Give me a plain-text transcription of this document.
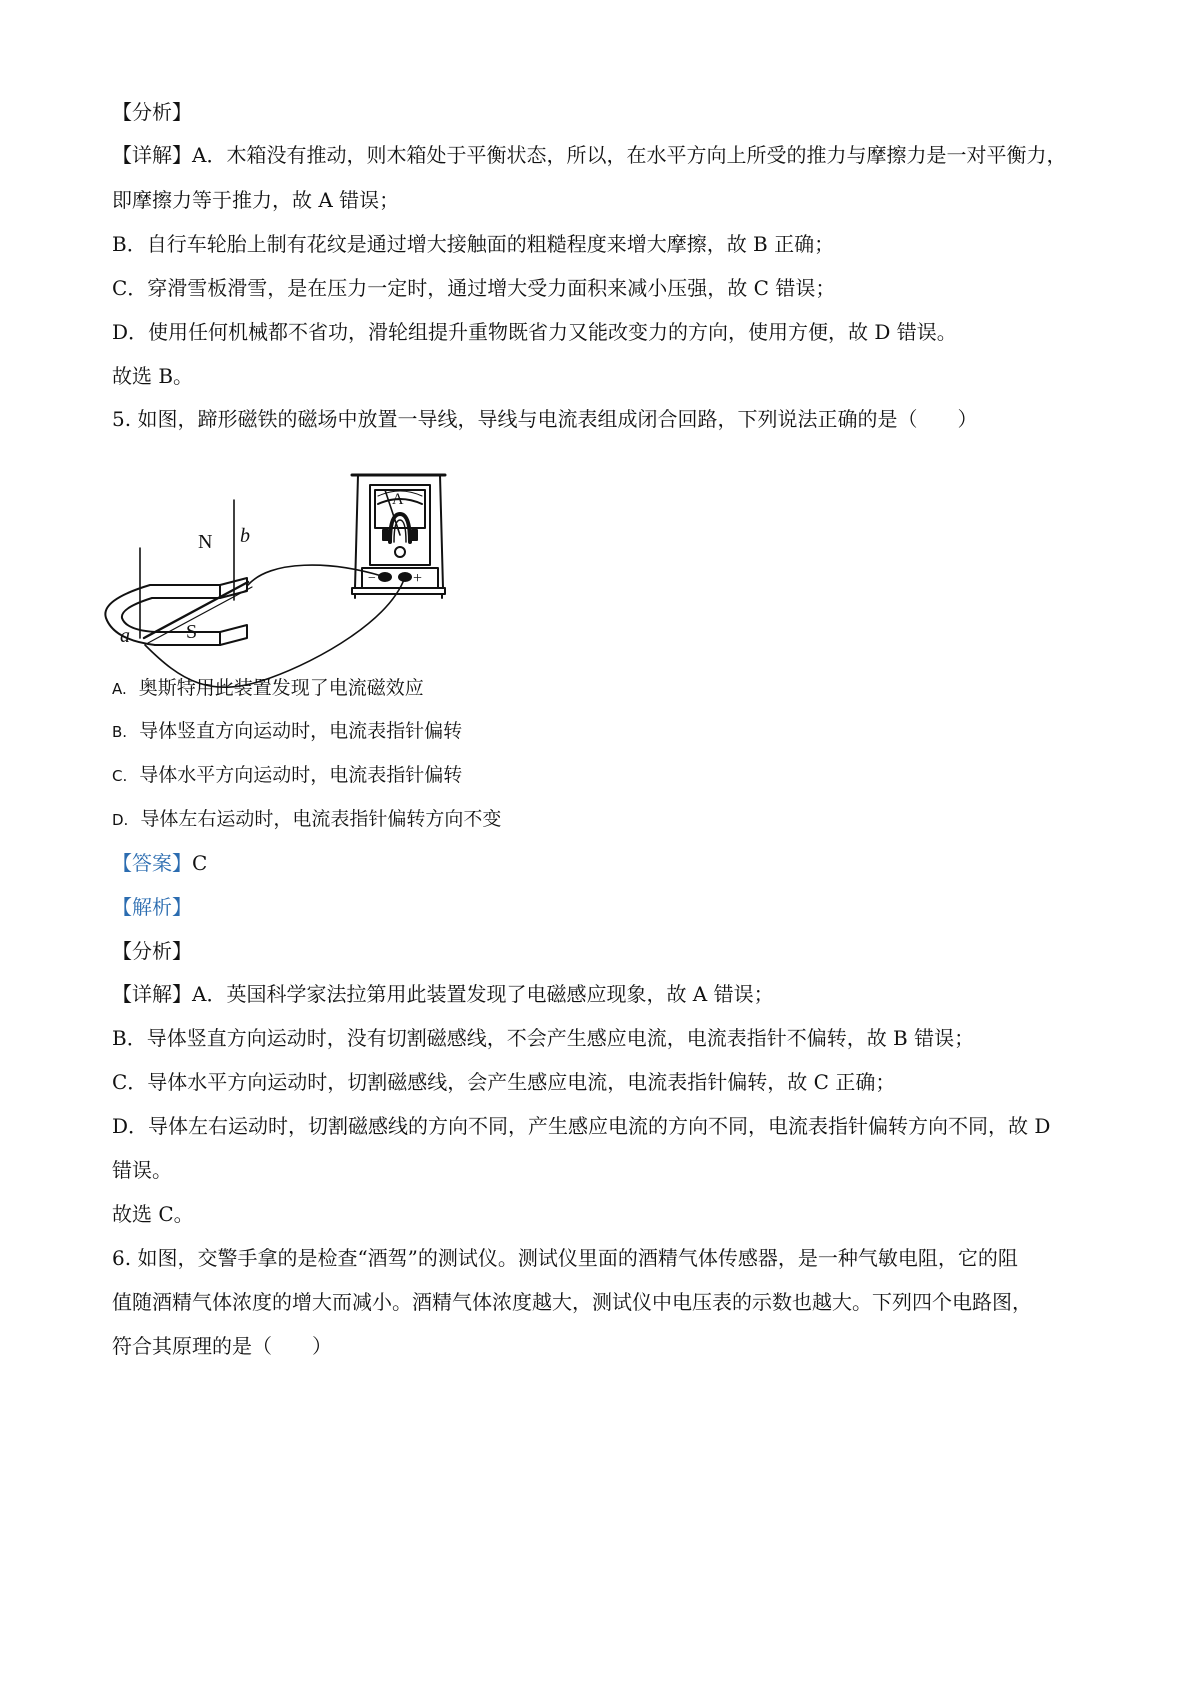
【分析】

【详解】A．木箱没有推动，则木箱处于平衡状态，所以，在水平方向上所受的推力与摩擦力是一对平衡力，

即摩擦力等于推力，故 A 错误；

B．自行车轮胎上制有花纹是通过增大接触面的粗糙程度来增大摩擦，故 B 正确；

C．穿滑雪板滑雪，是在压力一定时，通过增大受力面积来减小压强，故 C 错误；

D．使用任何机械都不省功，滑轮组提升重物既省力又能改变力的方向，使用方便，故 D 错误。

故选 B。

5. 如图，蹄形磁铁的磁场中放置一导线，导线与电流表组成闭合回路，下列说法正确的是（　　）

N
S
a
b
A
− +

A. 奥斯特用此装置发现了电流磁效应

B. 导体竖直方向运动时，电流表指针偏转

C. 导体水平方向运动时，电流表指针偏转

D. 导体左右运动时，电流表指针偏转方向不变

【答案】C

【解析】

【分析】

【详解】A．英国科学家法拉第用此装置发现了电磁感应现象，故 A 错误；

B．导体竖直方向运动时，没有切割磁感线，不会产生感应电流，电流表指针不偏转，故 B 错误；

C．导体水平方向运动时，切割磁感线，会产生感应电流，电流表指针偏转，故 C 正确；

D．导体左右运动时，切割磁感线的方向不同，产生感应电流的方向不同，电流表指针偏转方向不同，故 D

错误。

故选 C。

6. 如图，交警手拿的是检查“酒驾”的测试仪。测试仪里面的酒精气体传感器，是一种气敏电阻，它的阻

值随酒精气体浓度的增大而减小。酒精气体浓度越大，测试仪中电压表的示数也越大。下列四个电路图，

符合其原理的是（　　）
